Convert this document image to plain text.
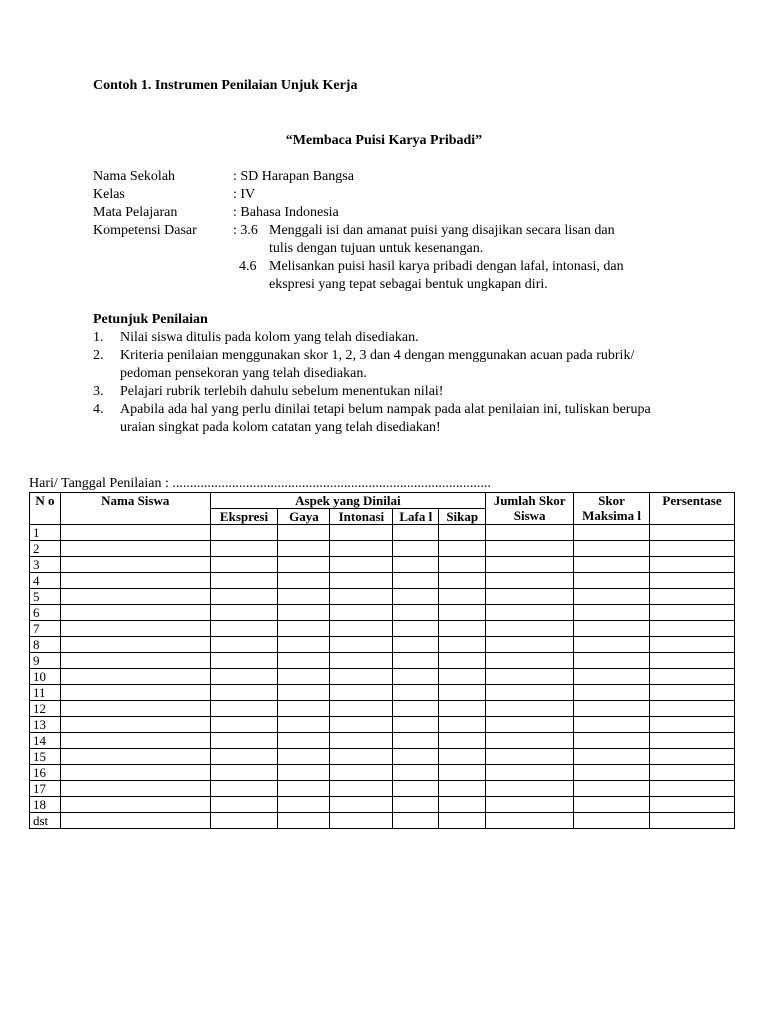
Contoh 1. Instrumen Penilaian Unjuk Kerja
“Membaca Puisi Karya Pribadi”
Nama Sekolah	: SD Harapan Bangsa
Kelas	: IV
Mata Pelajaran	: Bahasa Indonesia
Kompetensi Dasar	: 3.6 Menggali isi dan amanat puisi yang disajikan secara lisan dan
tulis dengan tujuan untuk kesenangan.
4.6 Melisankan puisi hasil karya pribadi dengan lafal, intonasi, dan
ekspresi yang tepat sebagai bentuk ungkapan diri.
Petunjuk Penilaian
1.	Nilai siswa ditulis pada kolom yang telah disediakan.
2.	Kriteria penilaian menggunakan skor 1, 2, 3 dan 4 dengan menggunakan acuan pada rubrik/ pedoman pensekoran yang telah disediakan.
3.	Pelajari rubrik terlebih dahulu sebelum menentukan nilai!
4.	Apabila ada hal yang perlu dinilai tetapi belum nampak pada alat penilaian ini, tuliskan berupa uraian singkat pada kolom catatan yang telah disediakan!
Hari/ Tanggal Penilaian : ...........................................................................................
N o	Nama Siswa	Aspek yang Dinilai					Jumlah Skor Siswa	Skor Maksima l	Persentase
		Ekspresi	Gaya	Intonasi	Lafa l	Sikap			
1									
2									
3									
4									
5									
6									
7									
8									
9									
10									
11									
12									
13									
14									
15									
16									
17									
18									
dst									
